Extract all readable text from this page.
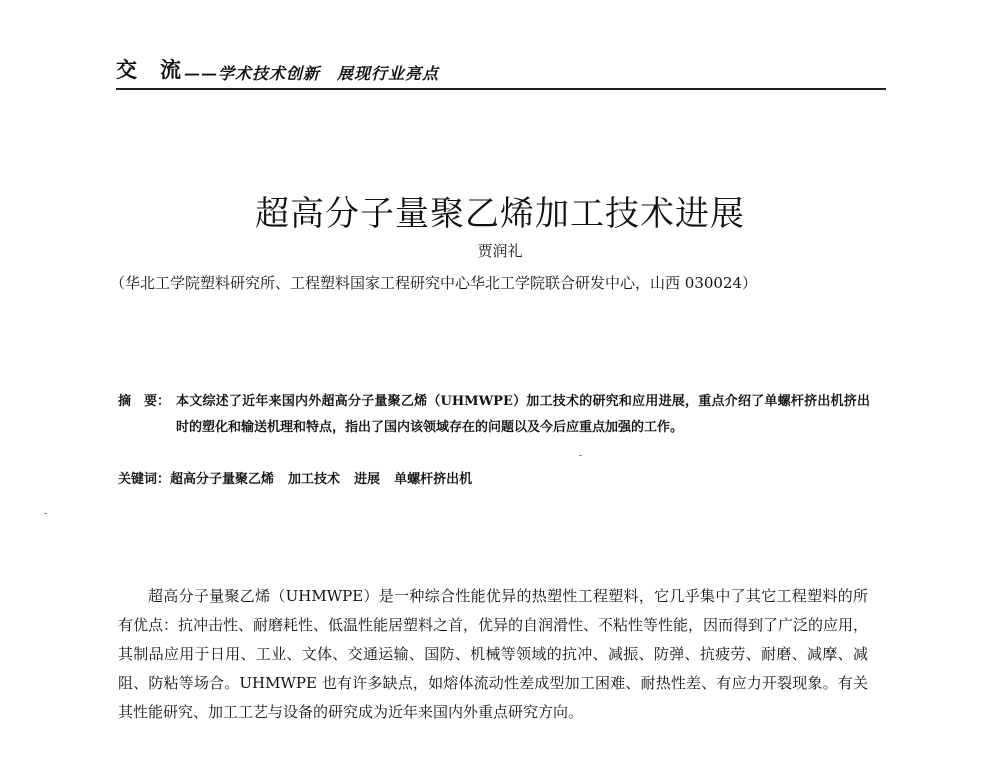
交 流 ——学术技术创新　展现行业亮点
超高分子量聚乙烯加工技术进展
贾润礼
（华北工学院塑料研究所、工程塑料国家工程研究中心华北工学院联合研发中心，山西 030024）
摘　要： 本文综述了近年来国内外超高分子量聚乙烯（UHMWPE）加工技术的研究和应用进展，重点介绍了单螺杆挤出机挤出时的塑化和输送机理和特点，指出了国内该领域存在的问题以及今后应重点加强的工作。
关键词：超高分子量聚乙烯 加工技术 进展 单螺杆挤出机
超高分子量聚乙烯（UHMWPE）是一种综合性能优异的热塑性工程塑料，它几乎集中了其它工程塑料的所有优点：抗冲击性、耐磨耗性、低温性能居塑料之首，优异的自润滑性、不粘性等性能，因而得到了广泛的应用，其制品应用于日用、工业、文体、交通运输、国防、机械等领域的抗冲、减振、防弹、抗疲劳、耐磨、减摩、减阻、防粘等场合。UHMWPE 也有许多缺点，如熔体流动性差成型加工困难、耐热性差、有应力开裂现象。有关其性能研究、加工工艺与设备的研究成为近年来国内外重点研究方向。
